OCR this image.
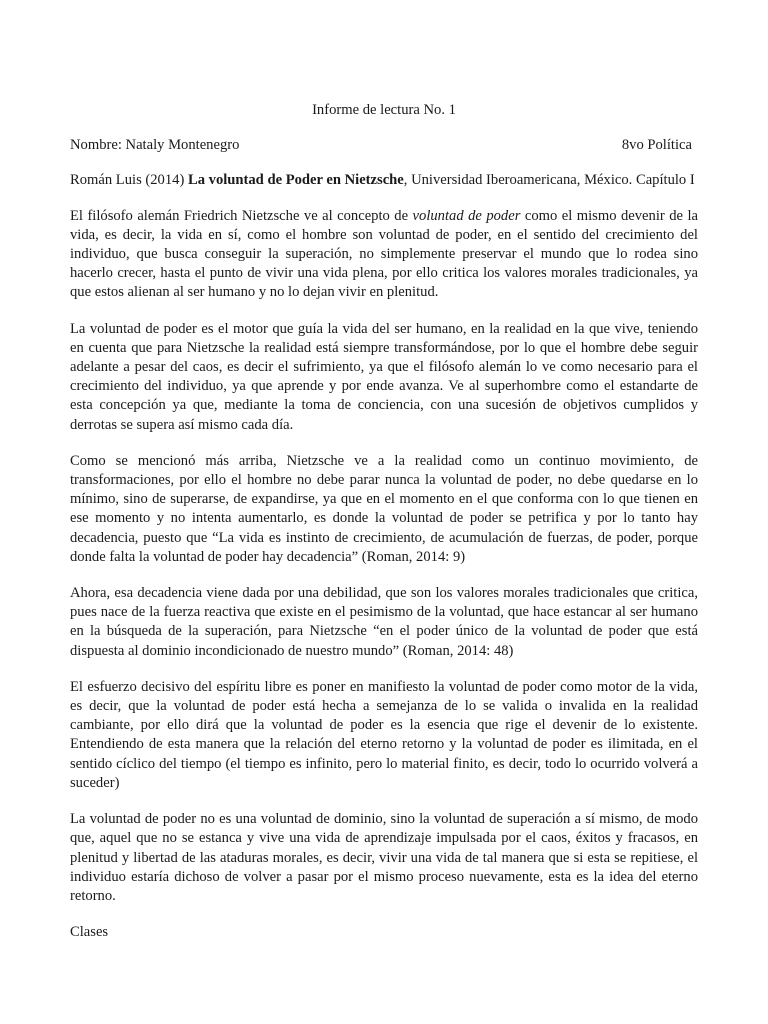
Informe de lectura No. 1
Nombre: Nataly Montenegro	8vo Política
Román Luis (2014) La voluntad de Poder en Nietzsche, Universidad Iberoamericana, México. Capítulo I

El filósofo alemán Friedrich Nietzsche ve al concepto de voluntad de poder como el mismo devenir de la vida, es decir, la vida en sí, como el hombre son voluntad de poder, en el sentido del crecimiento del individuo, que busca conseguir la superación, no simplemente preservar el mundo que lo rodea sino hacerlo crecer, hasta el punto de vivir una vida plena, por ello critica los valores morales tradicionales, ya que estos alienan al ser humano y no lo dejan vivir en plenitud.

La voluntad de poder es el motor que guía la vida del ser humano, en la realidad en la que vive, teniendo en cuenta que para Nietzsche la realidad está siempre transformándose, por lo que el hombre debe seguir adelante a pesar del caos, es decir el sufrimiento, ya que el filósofo alemán lo ve como necesario para el crecimiento del individuo, ya que aprende y por ende avanza. Ve al superhombre como el estandarte de esta concepción ya que, mediante la toma de conciencia, con una sucesión de objetivos cumplidos y derrotas se supera así mismo cada día.

Como se mencionó más arriba, Nietzsche ve a la realidad como un continuo movimiento, de transformaciones, por ello el hombre no debe parar nunca la voluntad de poder, no debe quedarse en lo mínimo, sino de superarse, de expandirse, ya que en el momento en el que conforma con lo que tienen en ese momento y no intenta aumentarlo, es donde la voluntad de poder se petrifica y por lo tanto hay decadencia, puesto que “La vida es instinto de crecimiento, de acumulación de fuerzas, de poder, porque donde falta la voluntad de poder hay decadencia” (Roman, 2014: 9)

Ahora, esa decadencia viene dada por una debilidad, que son los valores morales tradicionales que critica, pues nace de la fuerza reactiva que existe en el pesimismo de la voluntad, que hace estancar al ser humano en la búsqueda de la superación, para Nietzsche “en el poder único de la voluntad de poder que está dispuesta al dominio incondicionado de nuestro mundo” (Roman, 2014: 48)

El esfuerzo decisivo del espíritu libre es poner en manifiesto la voluntad de poder como motor de la vida, es decir, que la voluntad de poder está hecha a semejanza de lo se valida o invalida en la realidad cambiante, por ello dirá que la voluntad de poder es la esencia que rige el devenir de lo existente. Entendiendo de esta manera que la relación del eterno retorno y la voluntad de poder es ilimitada, en el sentido cíclico del tiempo (el tiempo es infinito, pero lo material finito, es decir, todo lo ocurrido volverá a suceder)

La voluntad de poder no es una voluntad de dominio, sino la voluntad de superación a sí mismo, de modo que, aquel que no se estanca y vive una vida de aprendizaje impulsada por el caos, éxitos y fracasos, en plenitud y libertad de las ataduras morales, es decir, vivir una vida de tal manera que si esta se repitiese, el individuo estaría dichoso de volver a pasar por el mismo proceso nuevamente, esta es la idea del eterno retorno.

Clases
